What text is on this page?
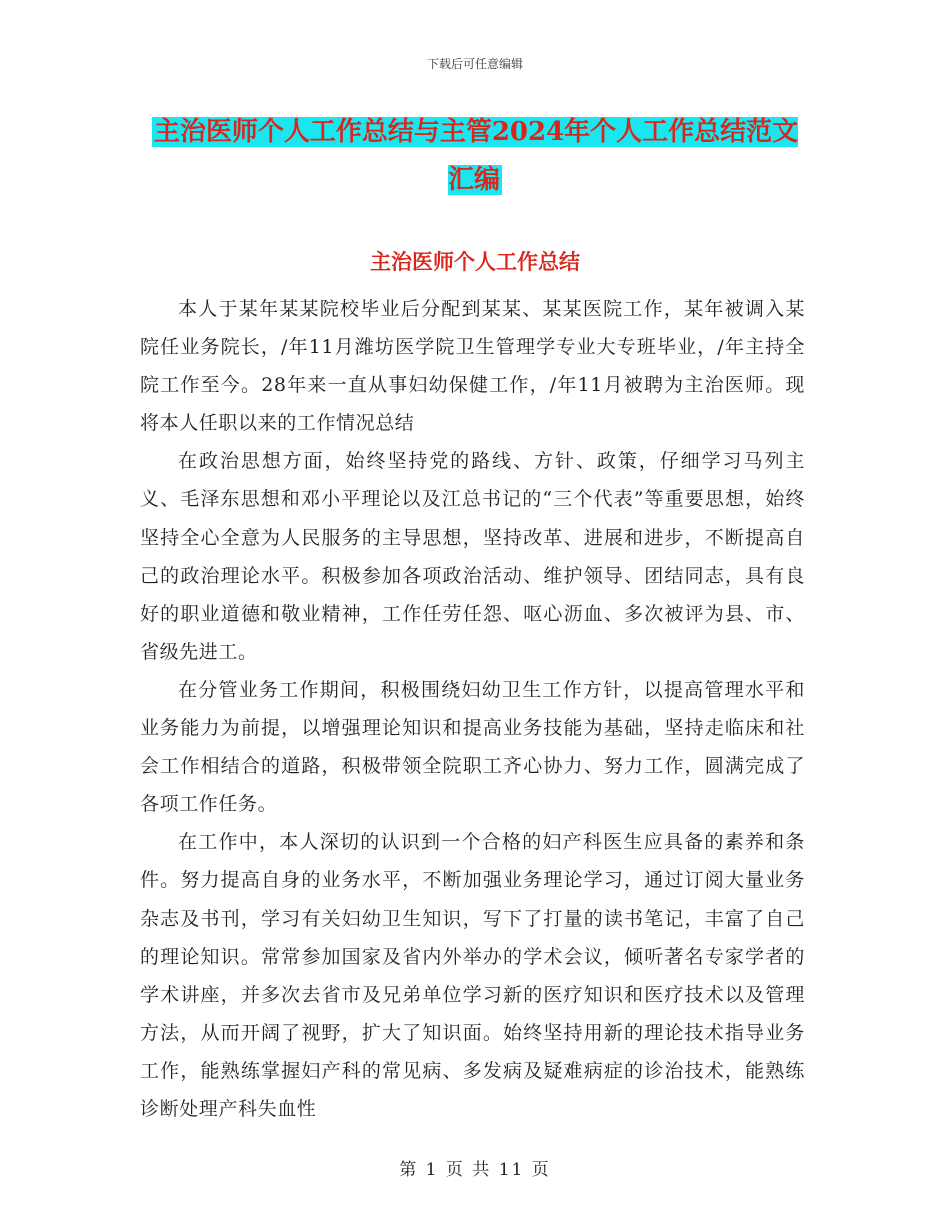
下载后可任意编辑
主治医师个人工作总结与主管2024年个人工作总结范文汇编
主治医师个人工作总结

本人于某年某某院校毕业后分配到某某、某某医院工作，某年被调入某院任业务院长，/年11月潍坊医学院卫生管理学专业大专班毕业，/年主持全院工作至今。28年来一直从事妇幼保健工作，/年11月被聘为主治医师。现将本人任职以来的工作情况总结

在政治思想方面，始终坚持党的路线、方针、政策，仔细学习马列主义、毛泽东思想和邓小平理论以及江总书记的“三个代表”等重要思想，始终坚持全心全意为人民服务的主导思想，坚持改革、进展和进步，不断提高自己的政治理论水平。积极参加各项政治活动、维护领导、团结同志，具有良好的职业道德和敬业精神，工作任劳任怨、呕心沥血、多次被评为县、市、省级先进工。

在分管业务工作期间，积极围绕妇幼卫生工作方针，以提高管理水平和业务能力为前提，以增强理论知识和提高业务技能为基础，坚持走临床和社会工作相结合的道路，积极带领全院职工齐心协力、努力工作，圆满完成了各项工作任务。

在工作中，本人深切的认识到一个合格的妇产科医生应具备的素养和条件。努力提高自身的业务水平，不断加强业务理论学习，通过订阅大量业务杂志及书刊，学习有关妇幼卫生知识，写下了打量的读书笔记，丰富了自己的理论知识。常常参加国家及省内外举办的学术会议，倾听著名专家学者的学术讲座，并多次去省市及兄弟单位学习新的医疗知识和医疗技术以及管理方法，从而开阔了视野，扩大了知识面。始终坚持用新的理论技术指导业务工作，能熟练掌握妇产科的常见病、多发病及疑难病症的诊治技术，能熟练诊断处理产科失血性

第 1 页 共 11 页
